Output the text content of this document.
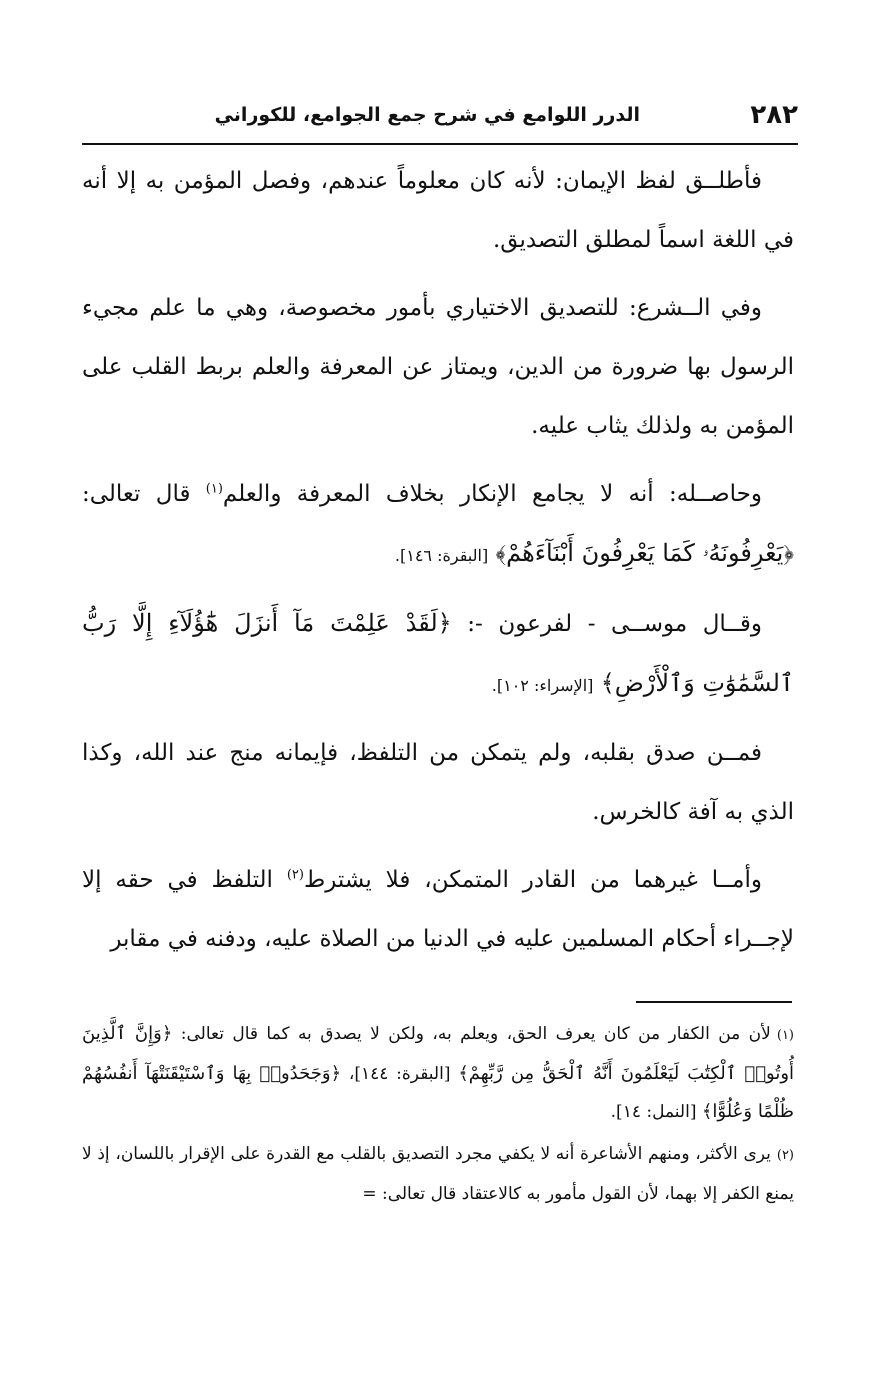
٢٨٢
الدرر اللوامع في شرح جمع الجوامع، للكوراني

فأطلــق لفظ الإيمان: لأنه كان معلوماً عندهم، وفصل المؤمن به إلا أنه في اللغة اسماً لمطلق التصديق.

وفي الــشرع: للتصديق الاختياري بأمور مخصوصة، وهي ما علم مجيء الرسول بها ضرورة من الدين، ويمتاز عن المعرفة والعلم بربط القلب على المؤمن به ولذلك يثاب عليه.

وحاصــله: أنه لا يجامع الإنكار بخلاف المعرفة والعلم$^{(١)}$ قال تعالى: ﴿يَعْرِفُونَهُۥ كَمَا يَعْرِفُونَ أَبْنَآءَهُمْ﴾ [البقرة: ١٤٦].

وقــال موســى - لفرعون -: ﴿لَقَدْ عَلِمْتَ مَآ أَنزَلَ هَٰٓؤُلَآءِ إِلَّا رَبُّ ٱلسَّمَٰوَٰتِ وَٱلْأَرْضِ﴾ [الإسراء: ١٠٢].

فمــن صدق بقلبه، ولم يتمكن من التلفظ، فإيمانه منج عند الله، وكذا الذي به آفة كالخرس.

وأمــا غيرهما من القادر المتمكن، فلا يشترط$^{(٢)}$ التلفظ في حقه إلا لإجــراء أحكام المسلمين عليه في الدنيا من الصلاة عليه، ودفنه في مقابر

(١)لأن من الكفار من كان يعرف الحق، ويعلم به، ولكن لا يصدق به كما قال تعالى: ﴿وَإِنَّ ٱلَّذِينَ أُوتُوا۟ ٱلْكِتَٰبَ لَيَعْلَمُونَ أَنَّهُ ٱلْحَقُّ مِن رَّبِّهِمْ﴾ [البقرة: ١٤٤]، ﴿وَجَحَدُوا۟ بِهَا وَٱسْتَيْقَنَتْهَآ أَنفُسُهُمْ ظُلْمًا وَعُلُوًّا﴾ [النمل: ١٤].

(٢)يرى الأكثر، ومنهم الأشاعرة أنه لا يكفي مجرد التصديق بالقلب مع القدرة على الإقرار باللسان، إذ لا يمنع الكفر إلا بهما، لأن القول مأمور به كالاعتقاد قال تعالى: =
